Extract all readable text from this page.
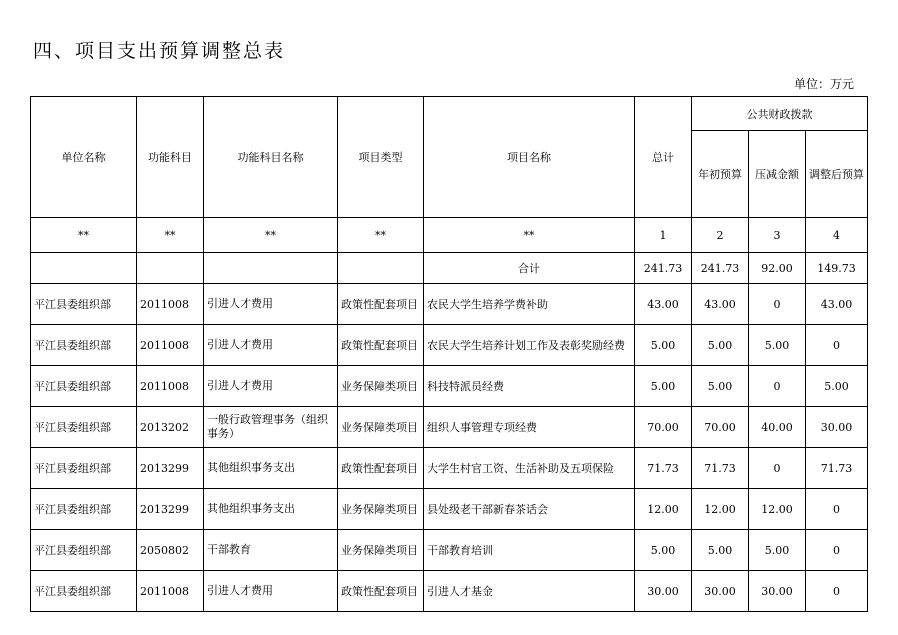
四、项目支出预算调整总表
单位：万元
单位名称	功能科目	功能科目名称	项目类型	项目名称	总计	公共财政拨款		
						年初预算	压减金额	调整后预算
**	**	**	**	**	1	2	3	4
				合计	241.73	241.73	92.00	149.73
平江县委组织部	2011008	引进人才费用	政策性配套项目	农民大学生培养学费补助	43.00	43.00	0	43.00
平江县委组织部	2011008	引进人才费用	政策性配套项目	农民大学生培养计划工作及表彰奖励经费	5.00	5.00	5.00	0
平江县委组织部	2011008	引进人才费用	业务保障类项目	科技特派员经费	5.00	5.00	0	5.00
平江县委组织部	2013202	一般行政管理事务（组织事务）	业务保障类项目	组织人事管理专项经费	70.00	70.00	40.00	30.00
平江县委组织部	2013299	其他组织事务支出	政策性配套项目	大学生村官工资、生活补助及五项保险	71.73	71.73	0	71.73
平江县委组织部	2013299	其他组织事务支出	业务保障类项目	县处级老干部新春茶话会	12.00	12.00	12.00	0
平江县委组织部	2050802	干部教育	业务保障类项目	干部教育培训	5.00	5.00	5.00	0
平江县委组织部	2011008	引进人才费用	政策性配套项目	引进人才基金	30.00	30.00	30.00	0
